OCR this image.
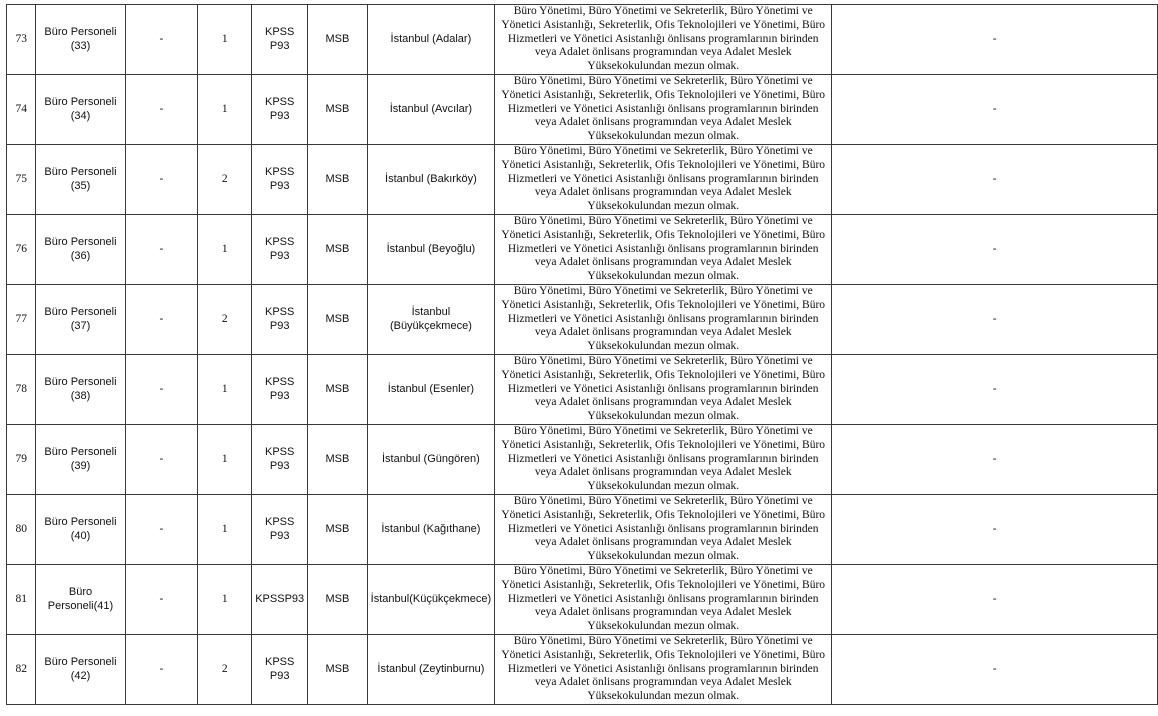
73	Büro Personeli (33)	-	1	KPSS P93	MSB	İstanbul (Adalar)	Büro Yönetimi, Büro Yönetimi ve Sekreterlik, Büro Yönetimi ve Yönetici Asistanlığı, Sekreterlik, Ofis Teknolojileri ve Yönetimi, Büro Hizmetleri ve Yönetici Asistanlığı önlisans programlarının birinden veya Adalet önlisans programından veya Adalet Meslek Yüksekokulundan mezun olmak.	-
74	Büro Personeli (34)	-	1	KPSS P93	MSB	İstanbul (Avcılar)	Büro Yönetimi, Büro Yönetimi ve Sekreterlik, Büro Yönetimi ve Yönetici Asistanlığı, Sekreterlik, Ofis Teknolojileri ve Yönetimi, Büro Hizmetleri ve Yönetici Asistanlığı önlisans programlarının birinden veya Adalet önlisans programından veya Adalet Meslek Yüksekokulundan mezun olmak.	-
75	Büro Personeli (35)	-	2	KPSS P93	MSB	İstanbul (Bakırköy)	Büro Yönetimi, Büro Yönetimi ve Sekreterlik, Büro Yönetimi ve Yönetici Asistanlığı, Sekreterlik, Ofis Teknolojileri ve Yönetimi, Büro Hizmetleri ve Yönetici Asistanlığı önlisans programlarının birinden veya Adalet önlisans programından veya Adalet Meslek Yüksekokulundan mezun olmak.	-
76	Büro Personeli (36)	-	1	KPSS P93	MSB	İstanbul (Beyoğlu)	Büro Yönetimi, Büro Yönetimi ve Sekreterlik, Büro Yönetimi ve Yönetici Asistanlığı, Sekreterlik, Ofis Teknolojileri ve Yönetimi, Büro Hizmetleri ve Yönetici Asistanlığı önlisans programlarının birinden veya Adalet önlisans programından veya Adalet Meslek Yüksekokulundan mezun olmak.	-
77	Büro Personeli (37)	-	2	KPSS P93	MSB	İstanbul (Büyükçekmece)	Büro Yönetimi, Büro Yönetimi ve Sekreterlik, Büro Yönetimi ve Yönetici Asistanlığı, Sekreterlik, Ofis Teknolojileri ve Yönetimi, Büro Hizmetleri ve Yönetici Asistanlığı önlisans programlarının birinden veya Adalet önlisans programından veya Adalet Meslek Yüksekokulundan mezun olmak.	-
78	Büro Personeli (38)	-	1	KPSS P93	MSB	İstanbul (Esenler)	Büro Yönetimi, Büro Yönetimi ve Sekreterlik, Büro Yönetimi ve Yönetici Asistanlığı, Sekreterlik, Ofis Teknolojileri ve Yönetimi, Büro Hizmetleri ve Yönetici Asistanlığı önlisans programlarının birinden veya Adalet önlisans programından veya Adalet Meslek Yüksekokulundan mezun olmak.	-
79	Büro Personeli (39)	-	1	KPSS P93	MSB	İstanbul (Güngören)	Büro Yönetimi, Büro Yönetimi ve Sekreterlik, Büro Yönetimi ve Yönetici Asistanlığı, Sekreterlik, Ofis Teknolojileri ve Yönetimi, Büro Hizmetleri ve Yönetici Asistanlığı önlisans programlarının birinden veya Adalet önlisans programından veya Adalet Meslek Yüksekokulundan mezun olmak.	-
80	Büro Personeli (40)	-	1	KPSS P93	MSB	İstanbul (Kağıthane)	Büro Yönetimi, Büro Yönetimi ve Sekreterlik, Büro Yönetimi ve Yönetici Asistanlığı, Sekreterlik, Ofis Teknolojileri ve Yönetimi, Büro Hizmetleri ve Yönetici Asistanlığı önlisans programlarının birinden veya Adalet önlisans programından veya Adalet Meslek Yüksekokulundan mezun olmak.	-
81	Büro Personeli(41)	-	1	KPSSP93	MSB	İstanbul(Küçükçekmece)	Büro Yönetimi, Büro Yönetimi ve Sekreterlik, Büro Yönetimi ve Yönetici Asistanlığı, Sekreterlik, Ofis Teknolojileri ve Yönetimi, Büro Hizmetleri ve Yönetici Asistanlığı önlisans programlarının birinden veya Adalet önlisans programından veya Adalet Meslek Yüksekokulundan mezun olmak.	-
82	Büro Personeli (42)	-	2	KPSS P93	MSB	İstanbul (Zeytinburnu)	Büro Yönetimi, Büro Yönetimi ve Sekreterlik, Büro Yönetimi ve Yönetici Asistanlığı, Sekreterlik, Ofis Teknolojileri ve Yönetimi, Büro Hizmetleri ve Yönetici Asistanlığı önlisans programlarının birinden veya Adalet önlisans programından veya Adalet Meslek Yüksekokulundan mezun olmak.	-
